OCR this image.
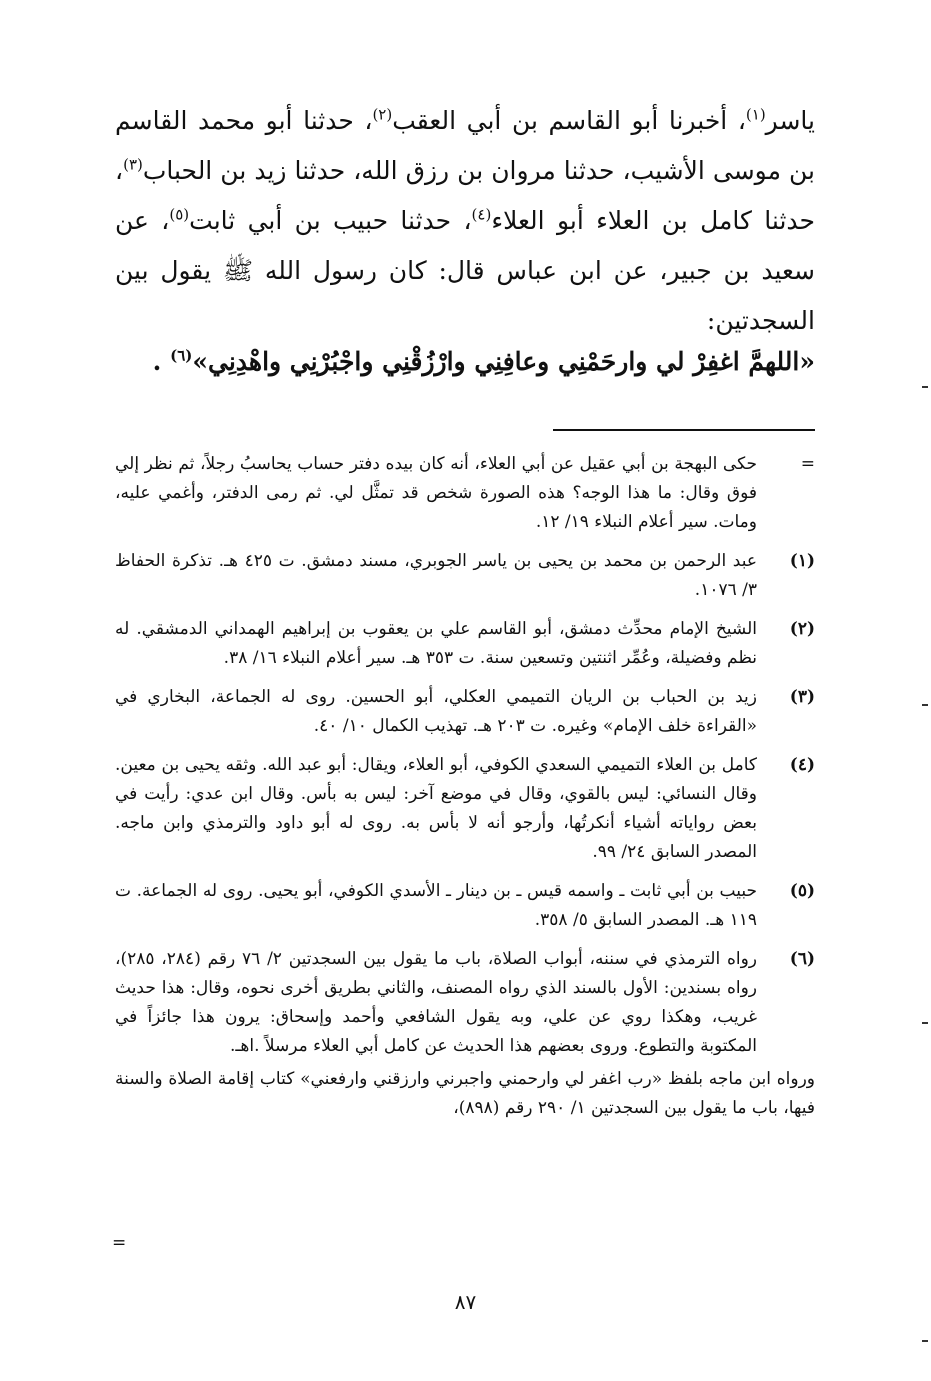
ياسر$^{(١)}$، أخبرنا أبو القاسم بن أبي العقب$^{(٢)}$، حدثنا أبو محمد القاسم بن موسى الأشيب، حدثنا مروان بن رزق الله، حدثنا زيد بن الحباب$^{(٣)}$، حدثنا كامل بن العلاء أبو العلاء$^{(٤)}$، حدثنا حبيب بن أبي ثابت$^{(٥)}$، عن سعيد بن جبير، عن ابن عباس قال: كان رسول الله ﷺ يقول بين السجدتين:

«اللهمَّ اغفِرْ لي وارحَمْنِي وعافِنِي وارْزُقْنِي واجْبُرْنِي واهْدِنِي»$^{(٦)}$ .
=
حكى البهجة بن أبي عقيل عن أبي العلاء، أنه كان بيده دفتر حساب يحاسبُ رجلاً، ثم نظر إلي فوق وقال: ما هذا الوجه؟ هذه الصورة شخص قد تمثَّل لي. ثم رمى الدفتر، وأغمي عليه، ومات. سير أعلام النبلاء ١٩/ ١٢.
(١)
عبد الرحمن بن محمد بن يحيى بن ياسر الجوبري، مسند دمشق. ت ٤٢٥ هـ. تذكرة الحفاظ ٣/ ١٠٧٦.
(٢)
الشيخ الإمام محدِّث دمشق، أبو القاسم علي بن يعقوب بن إبراهيم الهمداني الدمشقي. له نظم وفضيلة، وعُمِّر اثنتين وتسعين سنة. ت ٣٥٣ هـ. سير أعلام النبلاء ١٦/ ٣٨.
(٣)
زيد بن الحباب بن الريان التميمي العكلي، أبو الحسين. روى له الجماعة، البخاري في «القراءة خلف الإمام» وغيره. ت ٢٠٣ هـ. تهذيب الكمال ١٠/ ٤٠.
(٤)
كامل بن العلاء التميمي السعدي الكوفي، أبو العلاء، ويقال: أبو عبد الله. وثقه يحيى بن معين. وقال النسائي: ليس بالقوي، وقال في موضع آخر: ليس به بأس. وقال ابن عدي: رأيت في بعض رواياته أشياء أنكرتُها، وأرجو أنه لا بأس به. روى له أبو داود والترمذي وابن ماجه. المصدر السابق ٢٤/ ٩٩.
(٥)
حبيب بن أبي ثابت ـ واسمه قيس ـ بن دينار ـ الأسدي الكوفي، أبو يحيى. روى له الجماعة. ت ١١٩ هـ. المصدر السابق ٥/ ٣٥٨.
(٦)
رواه الترمذي في سننه، أبواب الصلاة، باب ما يقول بين السجدتين ٢/ ٧٦ رقم (٢٨٤، ٢٨٥)، رواه بسندين: الأول بالسند الذي رواه المصنف، والثاني بطريق أخرى نحوه، وقال: هذا حديث غريب، وهكذا روي عن علي، وبه يقول الشافعي وأحمد وإسحاق: يرون هذا جائزاً في المكتوبة والتطوع. وروى بعضهم هذا الحديث عن كامل أبي العلاء مرسلاً .اهـ.
ورواه ابن ماجه بلفظ «رب اغفر لي وارحمني واجبرني وارزقني وارفعني» كتاب إقامة الصلاة والسنة فيها، باب ما يقول بين السجدتين ١/ ٢٩٠ رقم (٨٩٨)،
=
٨٧
